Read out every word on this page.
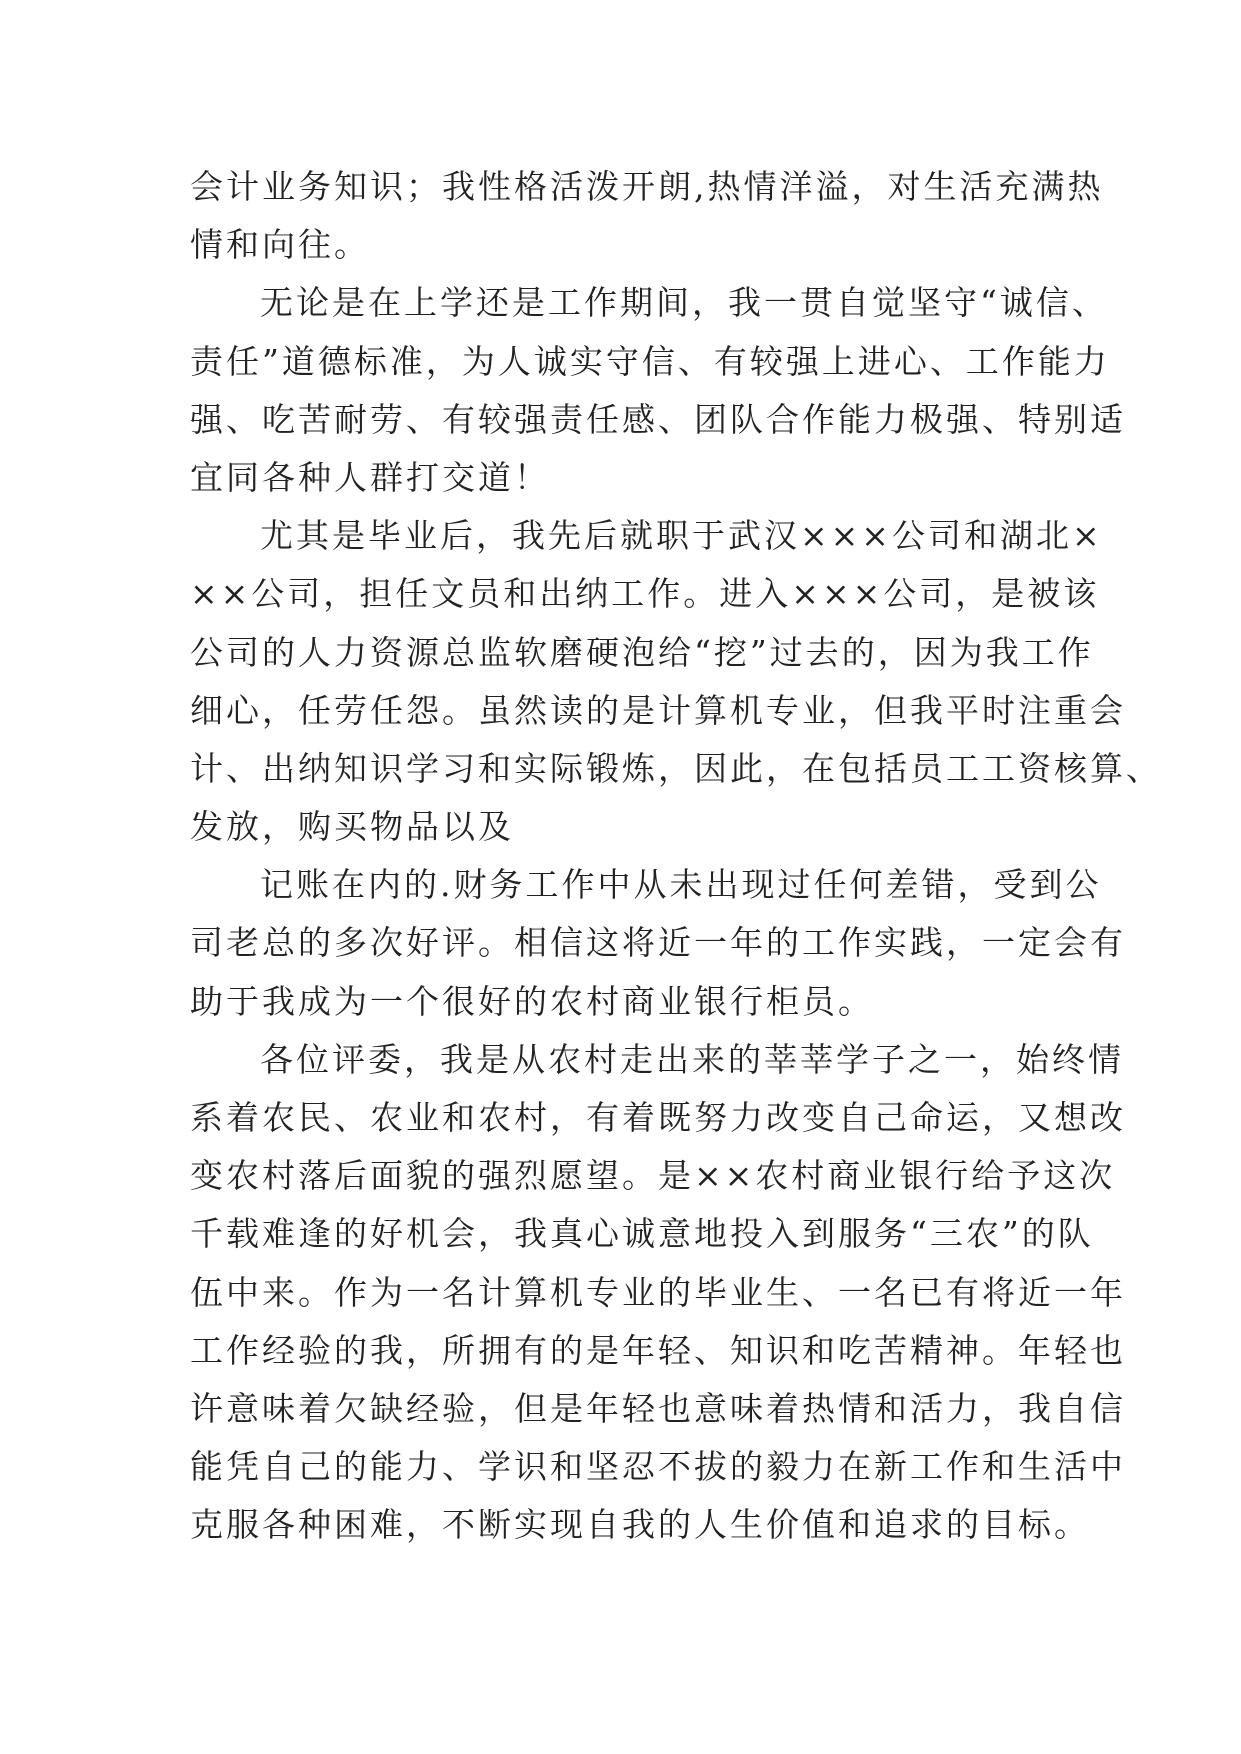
会计业务知识；我性格活泼开朗,热情洋溢，对生活充满热
情和向往。
无论是在上学还是工作期间，我一贯自觉坚守“诚信、
责任”道德标准，为人诚实守信、有较强上进心、工作能力
强、吃苦耐劳、有较强责任感、团队合作能力极强、特别适
宜同各种人群打交道！
尤其是毕业后，我先后就职于武汉×××公司和湖北×
××公司，担任文员和出纳工作。进入×××公司，是被该
公司的人力资源总监软磨硬泡给“挖”过去的，因为我工作
细心，任劳任怨。虽然读的是计算机专业，但我平时注重会
计、出纳知识学习和实际锻炼，因此，在包括员工工资核算、
发放，购买物品以及
记账在内的.财务工作中从未出现过任何差错，受到公
司老总的多次好评。相信这将近一年的工作实践，一定会有
助于我成为一个很好的农村商业银行柜员。
各位评委，我是从农村走出来的莘莘学子之一，始终情
系着农民、农业和农村，有着既努力改变自己命运，又想改
变农村落后面貌的强烈愿望。是××农村商业银行给予这次
千载难逢的好机会，我真心诚意地投入到服务“三农”的队
伍中来。作为一名计算机专业的毕业生、一名已有将近一年
工作经验的我，所拥有的是年轻、知识和吃苦精神。年轻也
许意味着欠缺经验，但是年轻也意味着热情和活力，我自信
能凭自己的能力、学识和坚忍不拔的毅力在新工作和生活中
克服各种困难，不断实现自我的人生价值和追求的目标。
